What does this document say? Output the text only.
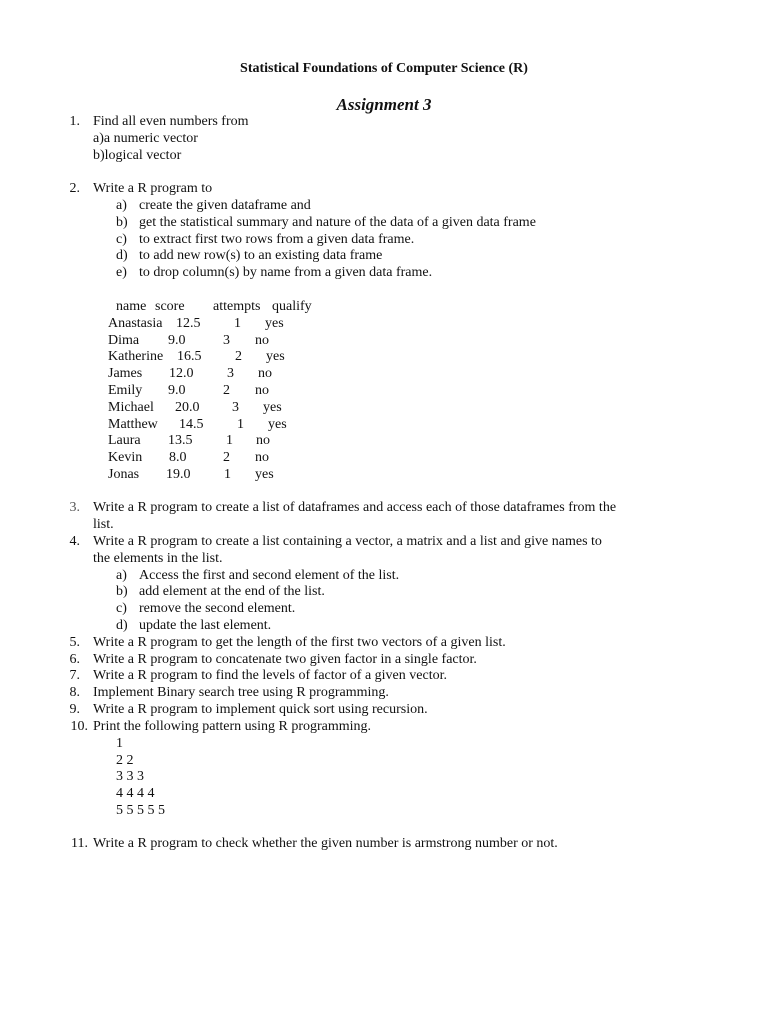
Statistical Foundations of Computer Science (R)
Assignment 3
1. Find all even numbers from
a)a numeric vector
b)logical vector
2. Write a R program to
a) create the given dataframe and
b) get the statistical summary and nature of the data of a given data frame
c) to extract first two rows from a given data frame.
d) to add new row(s) to an existing data frame
e) to drop column(s) by name from a given data frame.
name score attempts qualify
Anastasia 12.5 1 yes
Dima 9.0	3 no
Katherine 16.5 2 yes
James 12.0 3 no
Emily 9.0	2 no
Michael 20.0 3 yes
Matthew 14.5 1 yes
Laura 13.5 1 no
Kevin 8.0	2 no
Jonas 19.0 1 yes
3. Write a R program to create a list of dataframes and access each of those dataframes from the
list.
4. Write a R program to create a list containing a vector, a matrix and a list and give names to
the elements in the list.
a) Access the first and second element of the list.
b) add element at the end of the list.
c) remove the second element.
d) update the last element.
5. Write a R program to get the length of the first two vectors of a given list.
6. Write a R program to concatenate two given factor in a single factor.
7. Write a R program to find the levels of factor of a given vector.
8. Implement Binary search tree using R programming.
9. Write a R program to implement quick sort using recursion.
10. Print the following pattern using R programming.
1
2 2
3 3 3
4 4 4 4
5 5 5 5 5
11. Write a R program to check whether the given number is armstrong number or not.
